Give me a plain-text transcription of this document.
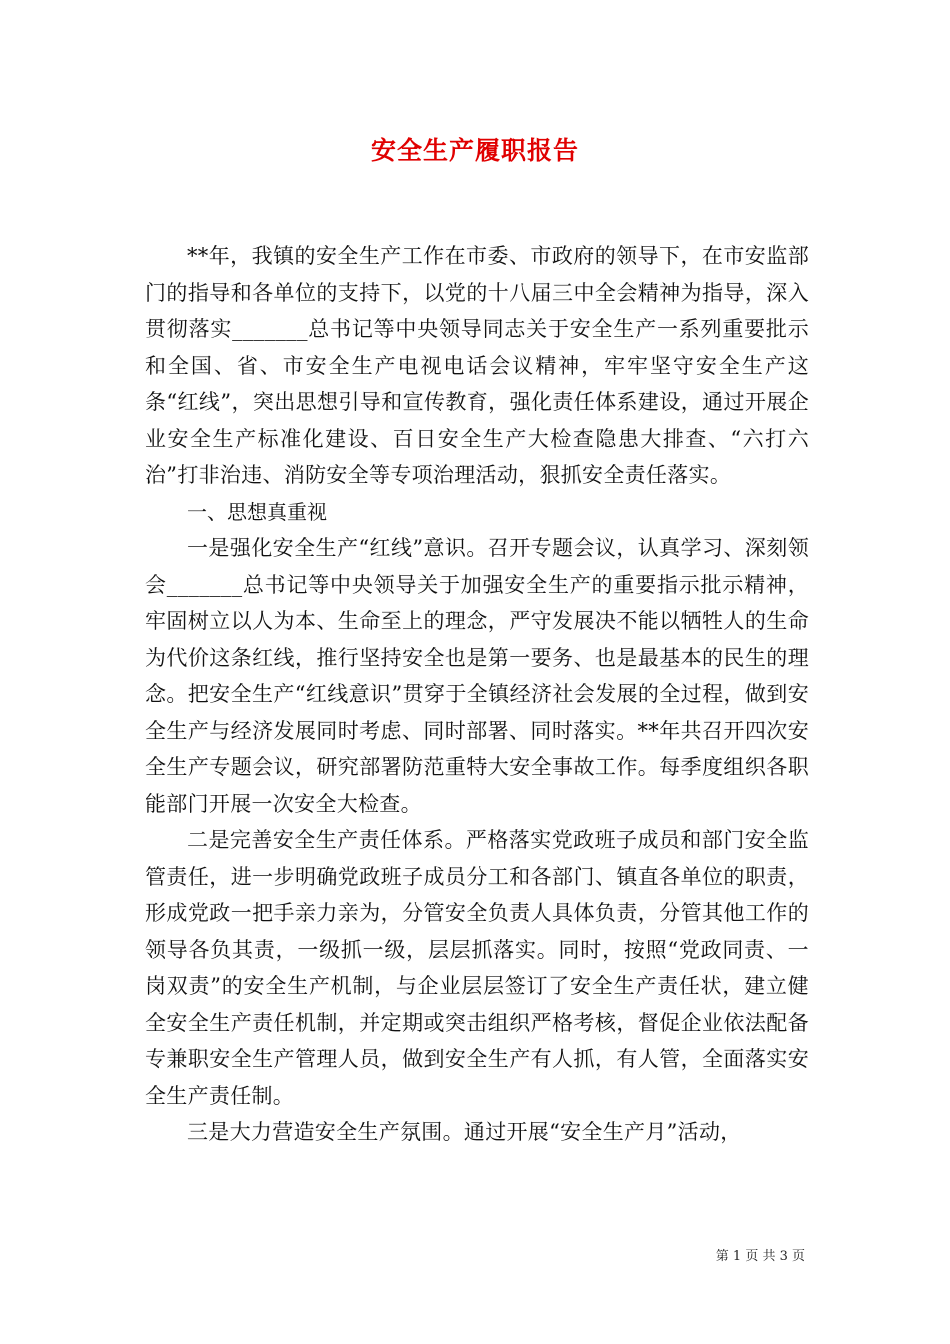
安全生产履职报告

**年，我镇的安全生产工作在市委、市政府的领导下，在市安监部门的指导和各单位的支持下，以党的十八届三中全会精神为指导，深入贯彻落实_______总书记等中央领导同志关于安全生产一系列重要批示和全国、省、市安全生产电视电话会议精神，牢牢坚守安全生产这条“红线”，突出思想引导和宣传教育，强化责任体系建设，通过开展企业安全生产标准化建设、百日安全生产大检查隐患大排查、“六打六治”打非治违、消防安全等专项治理活动，狠抓安全责任落实。

一、思想真重视

一是强化安全生产“红线”意识。召开专题会议，认真学习、深刻领会_______总书记等中央领导关于加强安全生产的重要指示批示精神，牢固树立以人为本、生命至上的理念，严守发展决不能以牺牲人的生命为代价这条红线，推行坚持安全也是第一要务、也是最基本的民生的理念。把安全生产“红线意识”贯穿于全镇经济社会发展的全过程，做到安全生产与经济发展同时考虑、同时部署、同时落实。**年共召开四次安全生产专题会议，研究部署防范重特大安全事故工作。每季度组织各职能部门开展一次安全大检查。

二是完善安全生产责任体系。严格落实党政班子成员和部门安全监管责任，进一步明确党政班子成员分工和各部门、镇直各单位的职责，形成党政一把手亲力亲为，分管安全负责人具体负责，分管其他工作的领导各负其责，一级抓一级，层层抓落实。同时，按照“党政同责、一岗双责”的安全生产机制，与企业层层签订了安全生产责任状，建立健全安全生产责任机制，并定期或突击组织严格考核，督促企业依法配备专兼职安全生产管理人员，做到安全生产有人抓，有人管，全面落实安全生产责任制。

三是大力营造安全生产氛围。通过开展“安全生产月”活动，

第 1 页 共 3 页
